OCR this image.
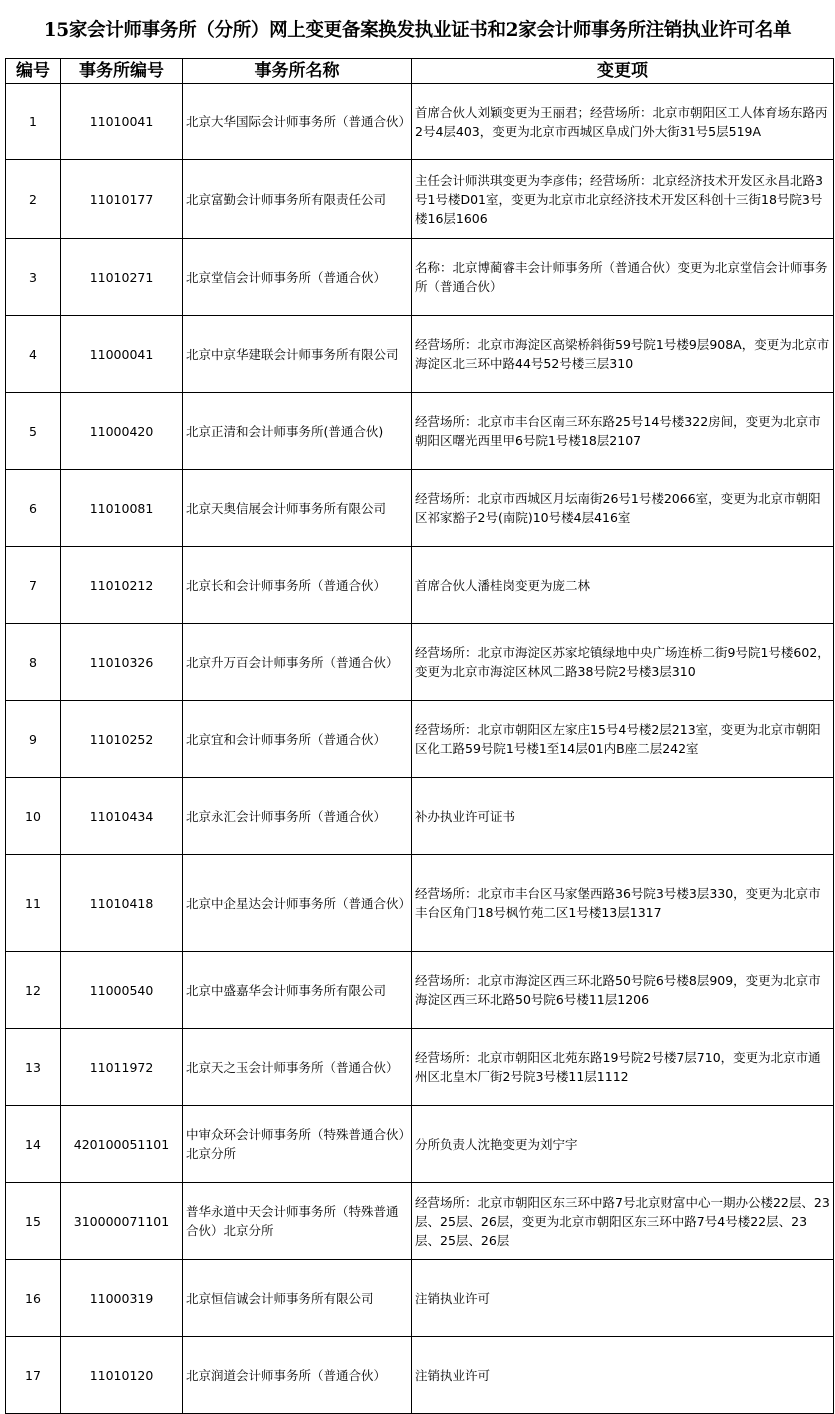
15家会计师事务所（分所）网上变更备案换发执业证书和2家会计师事务所注销执业许可名单
编号	事务所编号	事务所名称	变更项
1	11010041	北京大华国际会计师事务所（普通合伙）	首席合伙人刘颖变更为王丽君；经营场所：北京市朝阳区工人体育场东路丙2号4层403，变更为北京市西城区阜成门外大街31号5层519A
2	11010177	北京富勤会计师事务所有限责任公司	主任会计师洪琪变更为李彦伟；经营场所：北京经济技术开发区永昌北路3号1号楼D01室，变更为北京市北京经济技术开发区科创十三街18号院3号楼16层1606
3	11010271	北京堂信会计师事务所（普通合伙）	名称：北京博蔺睿丰会计师事务所（普通合伙）变更为北京堂信会计师事务所（普通合伙）
4	11000041	北京中京华建联会计师事务所有限公司	经营场所：北京市海淀区高梁桥斜街59号院1号楼9层908A，变更为北京市海淀区北三环中路44号52号楼三层310
5	11000420	北京正清和会计师事务所(普通合伙)	经营场所：北京市丰台区南三环东路25号14号楼322房间，变更为北京市朝阳区曙光西里甲6号院1号楼18层2107
6	11010081	北京天奥信展会计师事务所有限公司	经营场所：北京市西城区月坛南街26号1号楼2066室，变更为北京市朝阳区祁家豁子2号(南院)10号楼4层416室
7	11010212	北京长和会计师事务所（普通合伙）	首席合伙人潘桂岗变更为庞二林
8	11010326	北京升万百会计师事务所（普通合伙）	经营场所：北京市海淀区苏家坨镇绿地中央广场连桥二街9号院1号楼602，变更为北京市海淀区林风二路38号院2号楼3层310
9	11010252	北京宜和会计师事务所（普通合伙）	经营场所：北京市朝阳区左家庄15号4号楼2层213室，变更为北京市朝阳区化工路59号院1号楼1至14层01内B座二层242室
10	11010434	北京永汇会计师事务所（普通合伙）	补办执业许可证书
11	11010418	北京中企星达会计师事务所（普通合伙）	经营场所：北京市丰台区马家堡西路36号院3号楼3层330，变更为北京市丰台区角门18号枫竹苑二区1号楼13层1317
12	11000540	北京中盛嘉华会计师事务所有限公司	经营场所：北京市海淀区西三环北路50号院6号楼8层909，变更为北京市海淀区西三环北路50号院6号楼11层1206
13	11011972	北京天之玉会计师事务所（普通合伙）	经营场所：北京市朝阳区北苑东路19号院2号楼7层710，变更为北京市通州区北皇木厂街2号院3号楼11层1112
14	420100051101	中审众环会计师事务所（特殊普通合伙）北京分所	分所负责人沈艳变更为刘宁宇
15	310000071101	普华永道中天会计师事务所（特殊普通合伙）北京分所	经营场所：北京市朝阳区东三环中路7号北京财富中心一期办公楼22层、23层、25层、26层，变更为北京市朝阳区东三环中路7号4号楼22层、23层、25层、26层
16	11000319	北京恒信诚会计师事务所有限公司	注销执业许可
17	11010120	北京润道会计师事务所（普通合伙）	注销执业许可
